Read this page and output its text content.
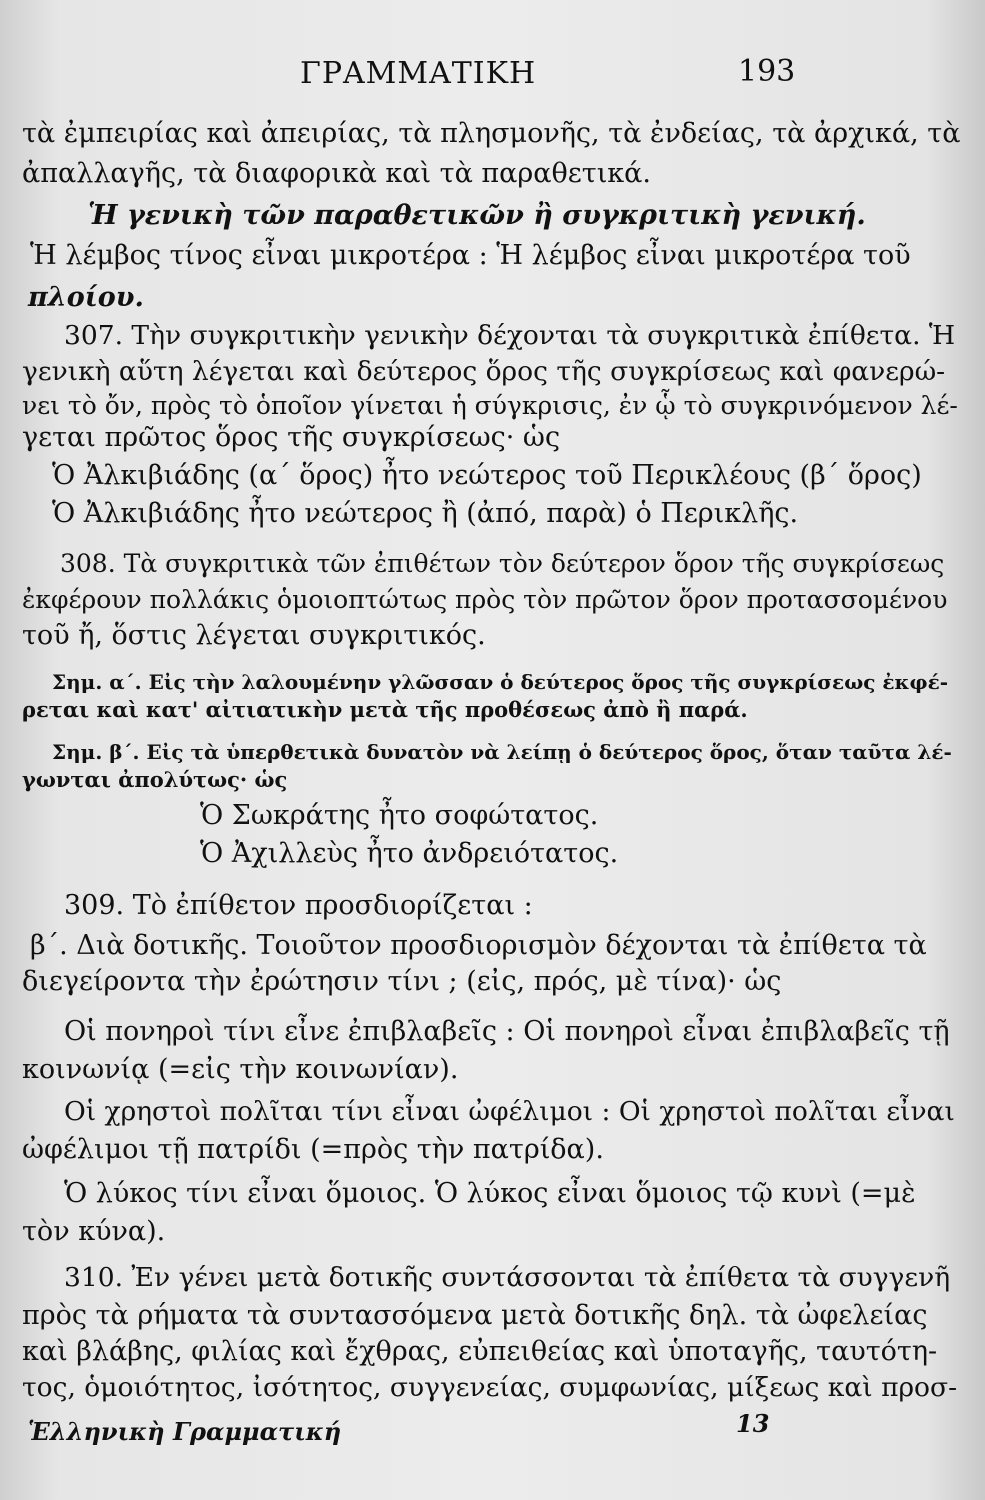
ΓΡΑΜΜΑΤΙΚΗ	193
τὰ ἐμπειρίας καὶ ἀπειρίας, τὰ πλησμονῆς, τὰ ἐνδείας, τὰ ἀρχικά, τὰ
ἀπαλλαγῆς, τὰ διαφορικὰ καὶ τὰ παραθετικά.
Ἡ γενικὴ τῶν παραθετικῶν ἢ συγκριτικὴ γενική.
Ἡ λέμβος τίνος εἶναι μικροτέρα : Ἡ λέμβος εἶναι μικροτέρα τοῦ
πλοίου.
307. Τὴν συγκριτικὴν γενικὴν δέχονται τὰ συγκριτικὰ ἐπίθετα. Ἡ
γενικὴ αὕτη λέγεται καὶ δεύτερος ὅρος τῆς συγκρίσεως καὶ φανερώ-
νει τὸ ὄν, πρὸς τὸ ὁποῖον γίνεται ἡ σύγκρισις, ἐν ᾧ τὸ συγκρινόμενον λέ-
γεται πρῶτος ὅρος τῆς συγκρίσεως· ὡς
Ὁ Ἀλκιβιάδης (α΄ ὅρος) ἦτο νεώτερος τοῦ Περικλέους (β΄ ὅρος)
Ὁ Ἀλκιβιάδης ἦτο νεώτερος ἢ (ἀπό, παρὰ) ὁ Περικλῆς.
308. Τὰ συγκριτικὰ τῶν ἐπιθέτων τὸν δεύτερον ὅρον τῆς συγκρίσεως
ἐκφέρουν πολλάκις ὁμοιοπτώτως πρὸς τὸν πρῶτον ὅρον προτασσομένου
τοῦ ἤ, ὅστις λέγεται συγκριτικός.
Σημ. α΄. Εἰς τὴν λαλουμένην γλῶσσαν ὁ δεύτερος ὅρος τῆς συγκρίσεως ἐκφέ-
ρεται καὶ κατ' αἰτιατικὴν μετὰ τῆς προθέσεως ἀπὸ ἢ παρά.
Σημ. β΄. Εἰς τὰ ὑπερθετικὰ δυνατὸν νὰ λείπῃ ὁ δεύτερος ὅρος, ὅταν ταῦτα λέ-
γωνται ἀπολύτως· ὡς
Ὁ Σωκράτης ἦτο σοφώτατος.
Ὁ Ἀχιλλεὺς ἦτο ἀνδρειότατος.
309. Τὸ ἐπίθετον προσδιορίζεται :
β΄. Διὰ δοτικῆς. Τοιοῦτον προσδιορισμὸν δέχονται τὰ ἐπίθετα τὰ
διεγείροντα τὴν ἐρώτησιν τίνι ; (εἰς, πρός, μὲ τίνα)· ὡς
Οἱ πονηροὶ τίνι εἶνε ἐπιβλαβεῖς : Οἱ πονηροὶ εἶναι ἐπιβλαβεῖς τῇ
κοινωνίᾳ (=εἰς τὴν κοινωνίαν).
Οἱ χρηστοὶ πολῖται τίνι εἶναι ὠφέλιμοι : Οἱ χρηστοὶ πολῖται εἶναι
ὠφέλιμοι τῇ πατρίδι (=πρὸς τὴν πατρίδα).
Ὁ λύκος τίνι εἶναι ὅμοιος. Ὁ λύκος εἶναι ὅμοιος τῷ κυνὶ (=μὲ
τὸν κύνα).
310. Ἐν γένει μετὰ δοτικῆς συντάσσονται τὰ ἐπίθετα τὰ συγγενῆ
πρὸς τὰ ρήματα τὰ συντασσόμενα μετὰ δοτικῆς δηλ. τὰ ὠφελείας
καὶ βλάβης, φιλίας καὶ ἔχθρας, εὐπειθείας καὶ ὑποταγῆς, ταυτότη-
τος, ὁμοιότητος, ἰσότητος, συγγενείας, συμφωνίας, μίξεως καὶ προσ-
Ἑλληνικὴ Γραμματική	13
